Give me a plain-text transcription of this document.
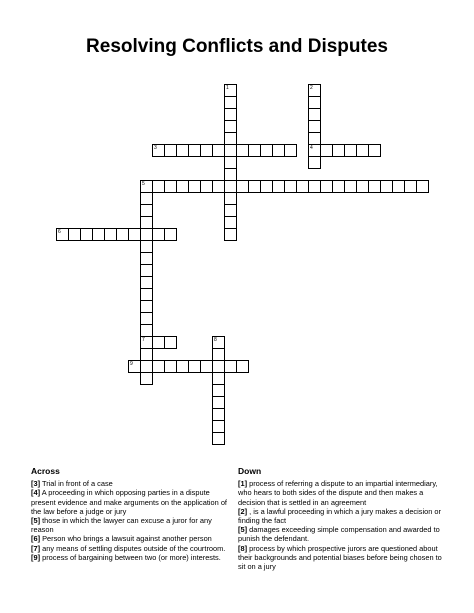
Resolving Conflicts and Disputes
1	2
4
3
5
7
6
8
9
Across

[3] Trial in front of a case

[4] A proceeding in which opposing parties in a dispute present evidence and make arguments on the application of the law before a judge or jury

[5] those in which the lawyer can excuse a juror for any reason

[6] Person who brings a lawsuit against another person

[7] any means of settling disputes outside of the courtroom.

[9] process of bargaining between two (or more) interests.

Down

[1] process of referring a dispute to an impartial intermediary, who hears to both sides of the dispute and then makes a decision that is settled in an agreement

[2] , is a lawful proceeding in which a jury makes a decision or finding the fact

[5] damages exceeding simple compensation and awarded to punish the defendant.

[8] process by which prospective jurors are questioned about their backgrounds and potential biases before being chosen to sit on a jury
